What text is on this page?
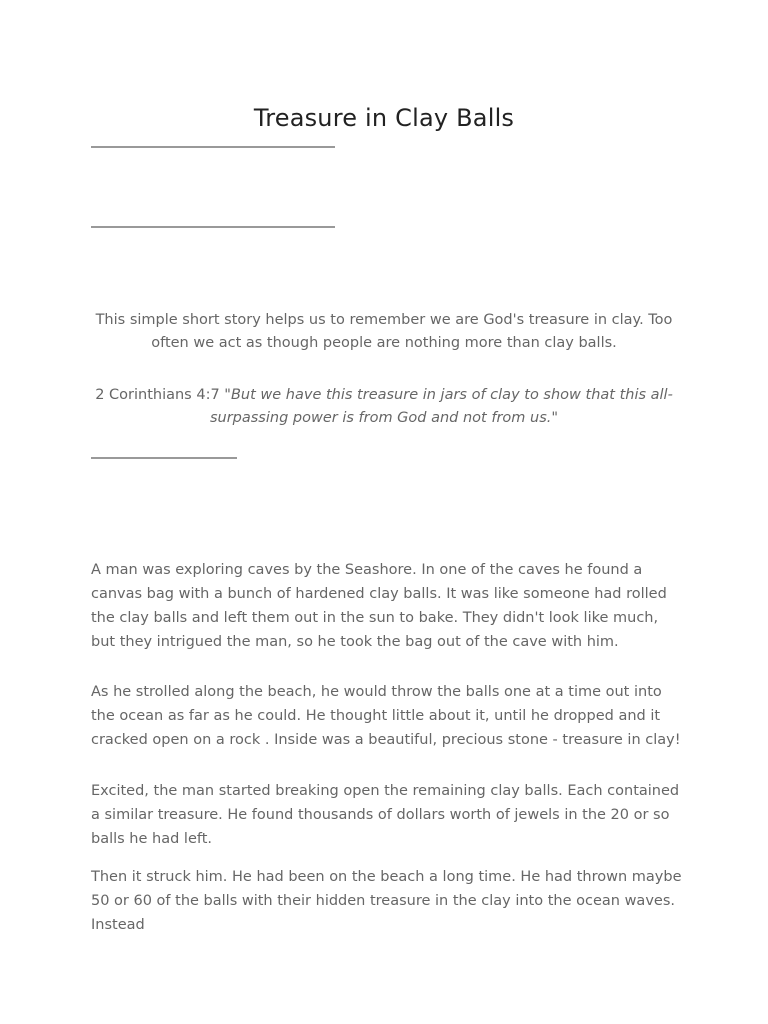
Treasure in Clay Balls
This simple short story helps us to remember we are God's treasure in clay. Too often we act as though people are nothing more than clay balls.
2 Corinthians 4:7 "But we have this treasure in jars of clay to show that this all-surpassing power is from God and not from us."
A man was exploring caves by the Seashore. In one of the caves he found a canvas bag with a bunch of hardened clay balls. It was like someone had rolled the clay balls and left them out in the sun to bake. They didn't look like much, but they intrigued the man, so he took the bag out of the cave with him.
As he strolled along the beach, he would throw the balls one at a time out into the ocean as far as he could. He thought little about it, until he dropped and it cracked open on a rock . Inside was a beautiful, precious stone - treasure in clay!
Excited, the man started breaking open the remaining clay balls. Each contained a similar treasure. He found thousands of dollars worth of jewels in the 20 or so balls he had left.
Then it struck him. He had been on the beach a long time. He had thrown maybe 50 or 60 of the balls with their hidden treasure in the clay into the ocean waves. Instead
